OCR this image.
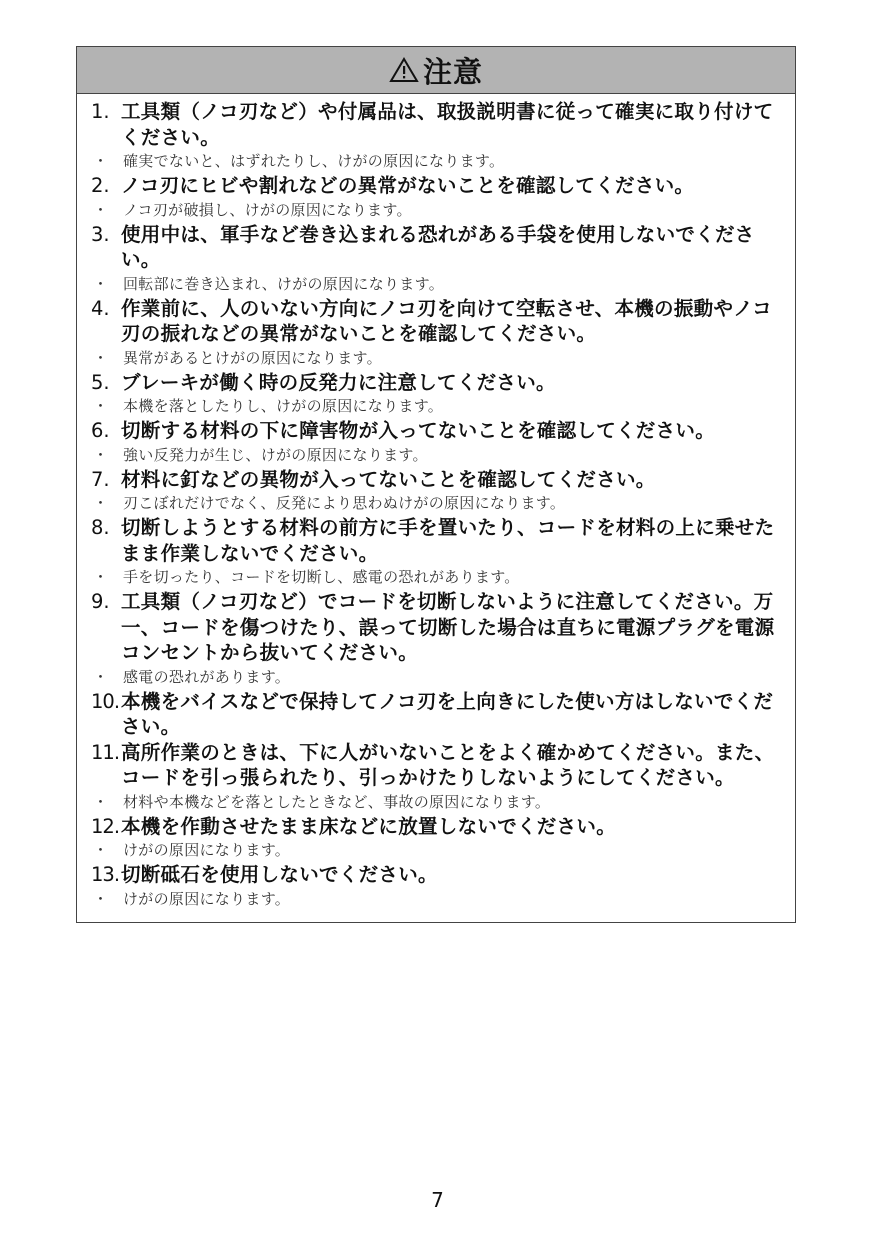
注意
1. 工具類（ノコ刃など）や付属品は、取扱説明書に従って確実に取り付けてください。
・ 確実でないと、はずれたりし、けがの原因になります。
2. ノコ刃にヒビや割れなどの異常がないことを確認してください。
・ ノコ刃が破損し、けがの原因になります。
3. 使用中は、軍手など巻き込まれる恐れがある手袋を使用しないでください。
・ 回転部に巻き込まれ、けがの原因になります。
4. 作業前に、人のいない方向にノコ刃を向けて空転させ、本機の振動やノコ刃の振れなどの異常がないことを確認してください。
・ 異常があるとけがの原因になります。
5. ブレーキが働く時の反発力に注意してください。
・ 本機を落としたりし、けがの原因になります。
6. 切断する材料の下に障害物が入ってないことを確認してください。
・ 強い反発力が生じ、けがの原因になります。
7. 材料に釘などの異物が入ってないことを確認してください。
・ 刃こぼれだけでなく、反発により思わぬけがの原因になります。
8. 切断しようとする材料の前方に手を置いたり、コードを材料の上に乗せたまま作業しないでください。
・ 手を切ったり、コードを切断し、感電の恐れがあります。
9. 工具類（ノコ刃など）でコードを切断しないように注意してください。万一、コードを傷つけたり、誤って切断した場合は直ちに電源プラグを電源コンセントから抜いてください。
・ 感電の恐れがあります。
10. 本機をバイスなどで保持してノコ刃を上向きにした使い方はしないでください。
11. 高所作業のときは、下に人がいないことをよく確かめてください。また、コードを引っ張られたり、引っかけたりしないようにしてください。
・ 材料や本機などを落としたときなど、事故の原因になります。
12. 本機を作動させたまま床などに放置しないでください。
・ けがの原因になります。
13. 切断砥石を使用しないでください。
・ けがの原因になります。
7
